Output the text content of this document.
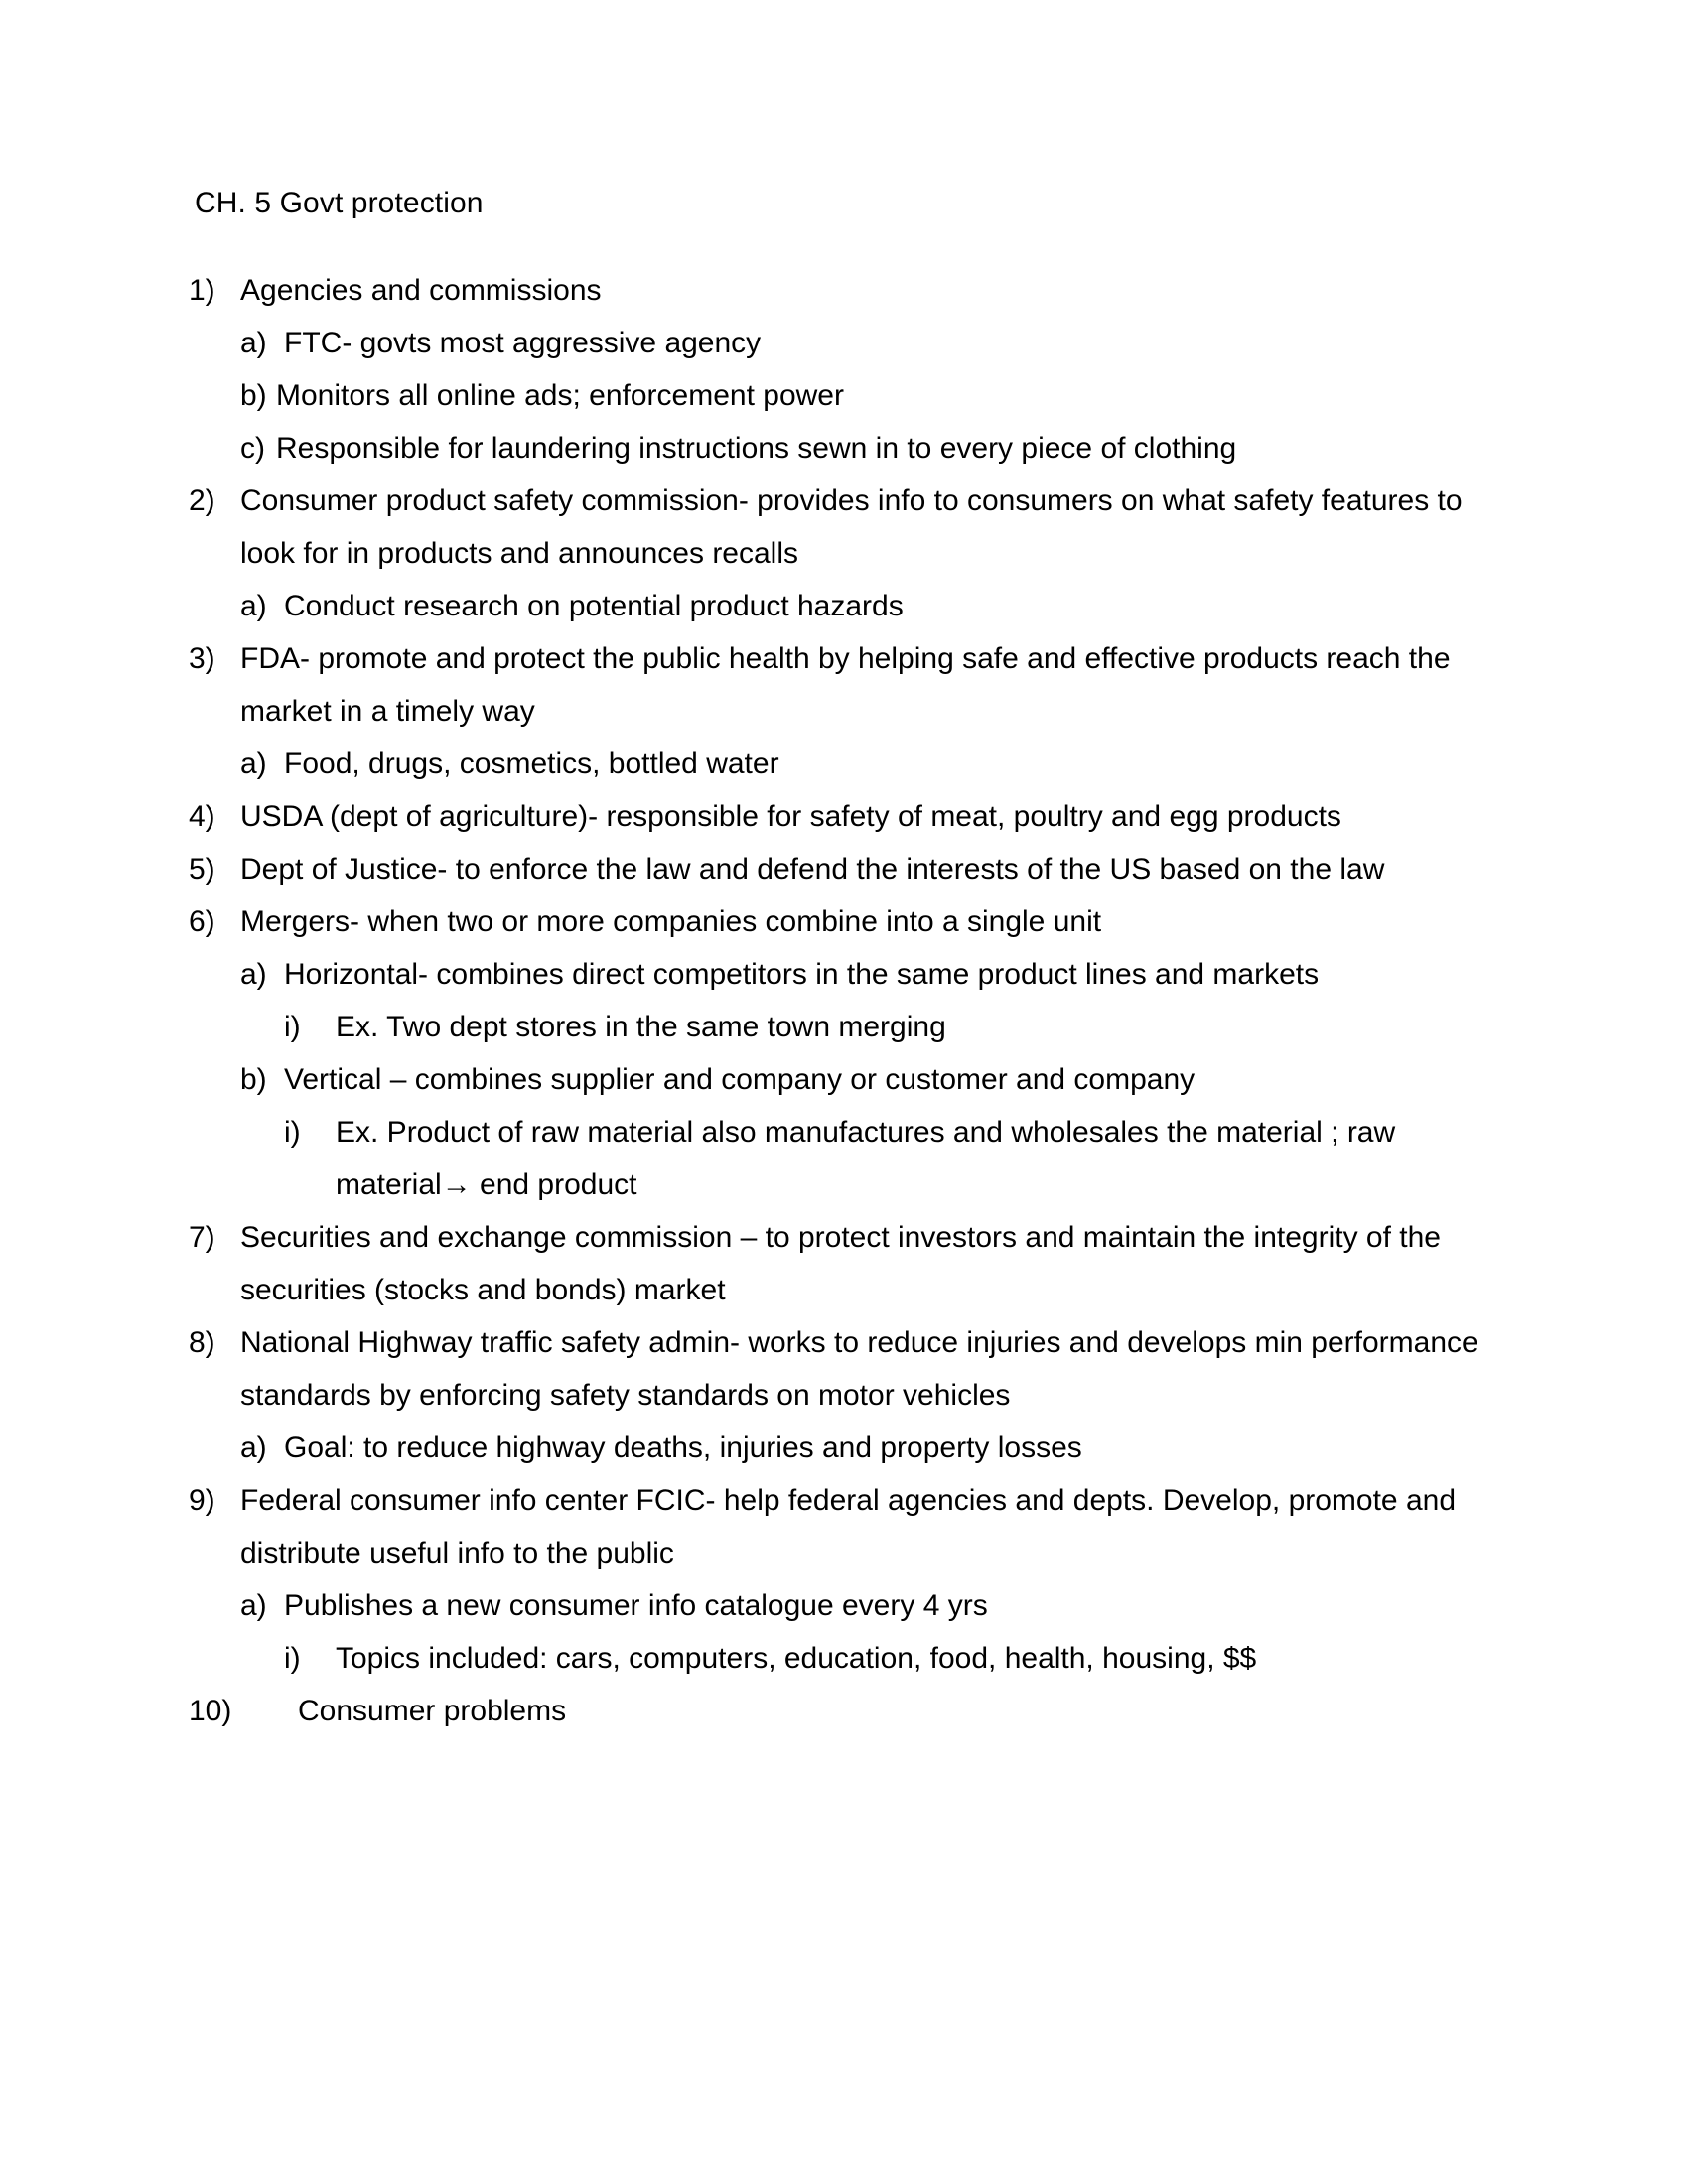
CH. 5 Govt protection
1) Agencies and commissions
a) FTC- govts most aggressive agency
b) Monitors all online ads; enforcement power
c) Responsible for laundering instructions sewn in to every piece of clothing
2) Consumer product safety commission- provides info to consumers on what safety features to look for in products and announces recalls
a) Conduct research on potential product hazards
3) FDA- promote and protect the public health by helping safe and effective products reach the market in a timely way
a) Food, drugs, cosmetics, bottled water
4) USDA (dept of agriculture)- responsible for safety of meat, poultry and egg products
5) Dept of Justice- to enforce the law and defend the interests of the US based on the law
6) Mergers- when two or more companies combine into a single unit
a) Horizontal- combines direct competitors in the same product lines and markets
i)	Ex. Two dept stores in the same town merging
b) Vertical – combines supplier and company or customer and company
i)	Ex. Product of raw material also manufactures and wholesales the material ; raw material→ end product
7) Securities and exchange commission – to protect investors and maintain the integrity of the securities (stocks and bonds) market
8) National Highway traffic safety admin- works to reduce injuries and develops min performance standards by enforcing safety standards on motor vehicles
a) Goal: to reduce highway deaths, injuries and property losses
9) Federal consumer info center FCIC- help federal agencies and depts. Develop, promote and distribute useful info to the public
a) Publishes a new consumer info catalogue every 4 yrs
i)	Topics included: cars, computers, education, food, health, housing, $$
10)	Consumer problems
